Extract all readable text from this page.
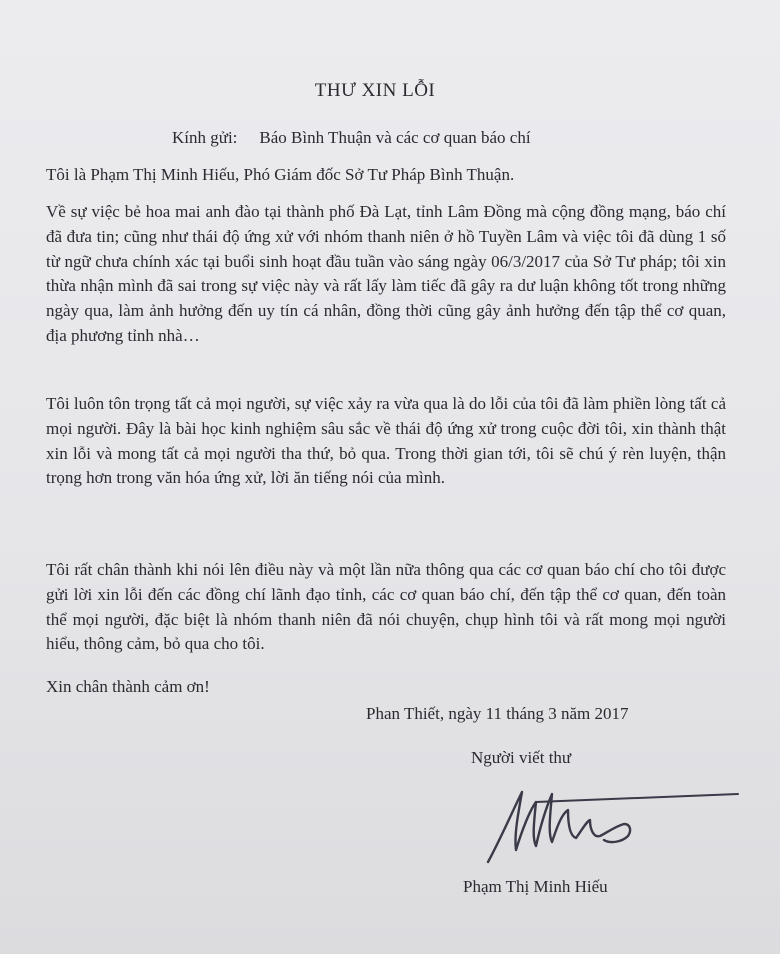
THƯ XIN LỖI
Kính gửi: Báo Bình Thuận và các cơ quan báo chí
Tôi là Phạm Thị Minh Hiếu, Phó Giám đốc Sở Tư Pháp Bình Thuận.
Về sự việc bẻ hoa mai anh đào tại thành phố Đà Lạt, tỉnh Lâm Đồng mà cộng đồng mạng, báo chí đã đưa tin; cũng như thái độ ứng xử với nhóm thanh niên ở hồ Tuyền Lâm và việc tôi đã dùng 1 số từ ngữ chưa chính xác tại buổi sinh hoạt đầu tuần vào sáng ngày 06/3/2017 của Sở Tư pháp; tôi xin thừa nhận mình đã sai trong sự việc này và rất lấy làm tiếc đã gây ra dư luận không tốt trong những ngày qua, làm ảnh hưởng đến uy tín cá nhân, đồng thời cũng gây ảnh hưởng đến tập thể cơ quan, địa phương tỉnh nhà…
Tôi luôn tôn trọng tất cả mọi người, sự việc xảy ra vừa qua là do lỗi của tôi đã làm phiền lòng tất cả mọi người. Đây là bài học kinh nghiệm sâu sắc về thái độ ứng xử trong cuộc đời tôi, xin thành thật xin lỗi và mong tất cả mọi người tha thứ, bỏ qua. Trong thời gian tới, tôi sẽ chú ý rèn luyện, thận trọng hơn trong văn hóa ứng xử, lời ăn tiếng nói của mình.
Tôi rất chân thành khi nói lên điều này và một lần nữa thông qua các cơ quan báo chí cho tôi được gửi lời xin lỗi đến các đồng chí lãnh đạo tỉnh, các cơ quan báo chí, đến tập thể cơ quan, đến toàn thể mọi người, đặc biệt là nhóm thanh niên đã nói chuyện, chụp hình tôi và rất mong mọi người hiểu, thông cảm, bỏ qua cho tôi.
Xin chân thành cảm ơn!
Phan Thiết, ngày 11 tháng 3 năm 2017
Người viết thư
Phạm Thị Minh Hiếu
